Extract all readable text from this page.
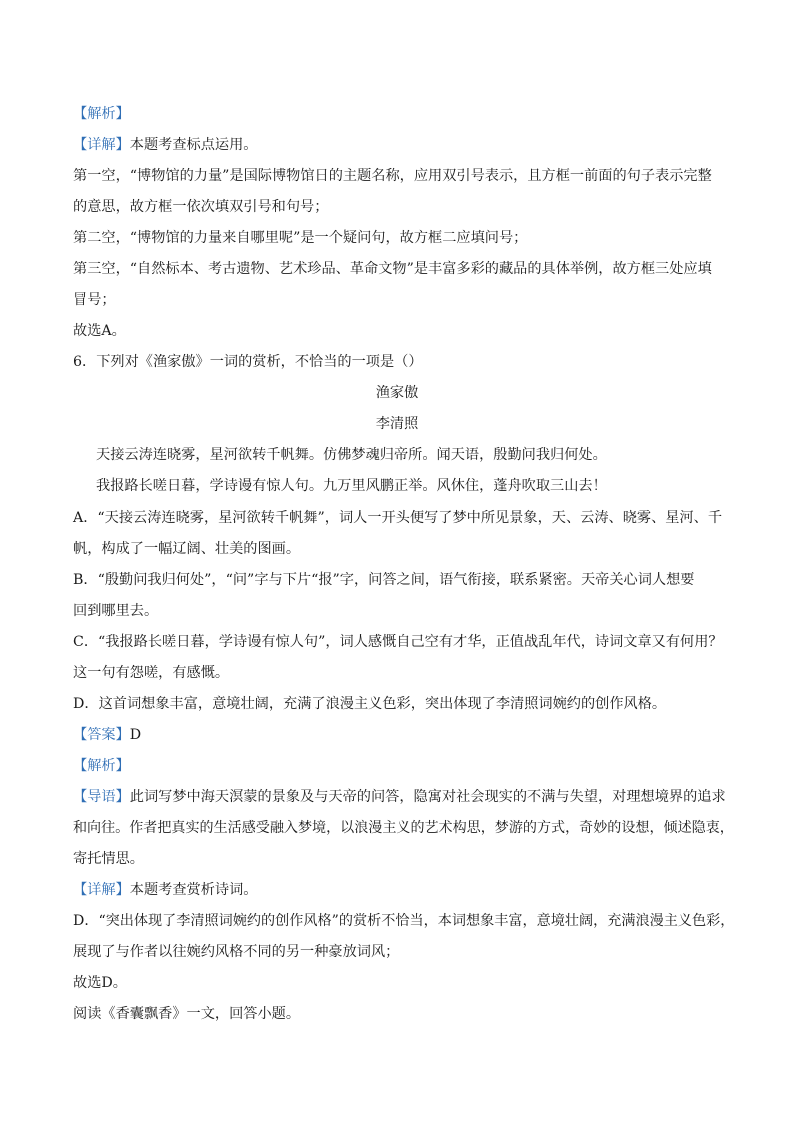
【解析】
【详解】本题考查标点运用。
第一空，“博物馆的力量”是国际博物馆日的主题名称，应用双引号表示，且方框一前面的句子表示完整
的意思，故方框一依次填双引号和句号；
第二空，“博物馆的力量来自哪里呢”是一个疑问句，故方框二应填问号；
第三空，“自然标本、考古遗物、艺术珍品、革命文物”是丰富多彩的藏品的具体举例，故方框三处应填
冒号；
故选A。
6．下列对《渔家傲》一词的赏析，不恰当的一项是（）
渔家傲
李清照
天接云涛连晓雾，星河欲转千帆舞。仿佛梦魂归帝所。闻天语，殷勤问我归何处。
我报路长嗟日暮，学诗谩有惊人句。九万里风鹏正举。风休住，蓬舟吹取三山去！
A．“天接云涛连晓雾，星河欲转千帆舞”，词人一开头便写了梦中所见景象，天、云涛、晓雾、星河、千
帆，构成了一幅辽阔、壮美的图画。
B．“殷勤问我归何处”，“问”字与下片“报”字，问答之间，语气衔接，联系紧密。天帝关心词人想要
回到哪里去。
C．“我报路长嗟日暮，学诗谩有惊人句”，词人感慨自己空有才华，正值战乱年代，诗词文章又有何用？
这一句有怨嗟，有感慨。
D．这首词想象丰富，意境壮阔，充满了浪漫主义色彩，突出体现了李清照词婉约的创作风格。
【答案】D
【解析】
【导语】此词写梦中海天溟蒙的景象及与天帝的问答，隐寓对社会现实的不满与失望，对理想境界的追求
和向往。作者把真实的生活感受融入梦境，以浪漫主义的艺术构思，梦游的方式，奇妙的设想，倾述隐衷，
寄托情思。
【详解】本题考查赏析诗词。
D．“突出体现了李清照词婉约的创作风格”的赏析不恰当，本词想象丰富，意境壮阔，充满浪漫主义色彩，
展现了与作者以往婉约风格不同的另一种豪放词风；
故选D。
阅读《香囊飘香》一文，回答小题。
